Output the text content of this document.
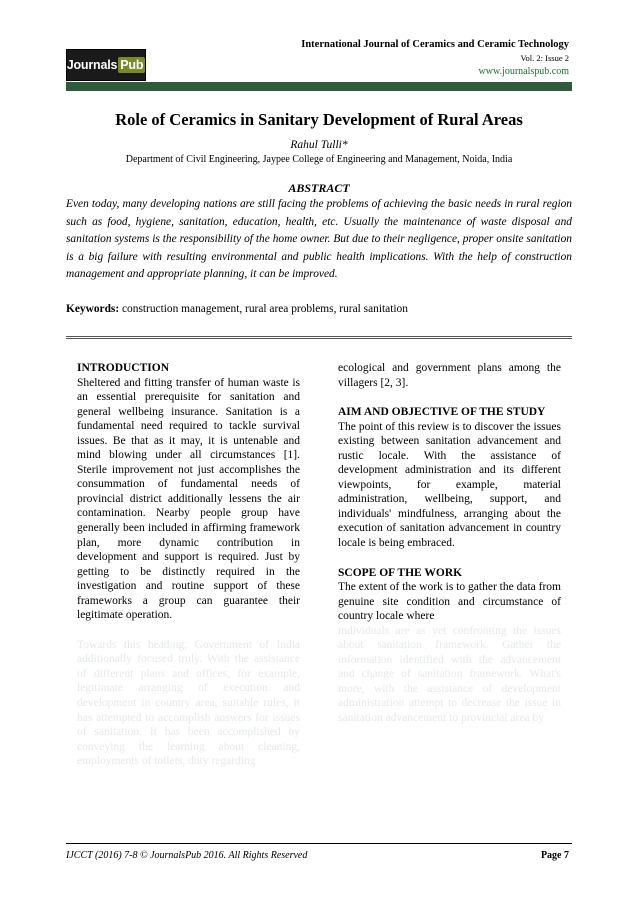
Journals Pub
International Journal of Ceramics and Ceramic Technology
Vol. 2: Issue 2
www.journalspub.com
Role of Ceramics in Sanitary Development of Rural Areas
Rahul Tulli*
Department of Civil Engineering, Jaypee College of Engineering and Management, Noida, India
ABSTRACT
Even today, many developing nations are still facing the problems of achieving the basic needs in rural region such as food, hygiene, sanitation, education, health, etc. Usually the maintenance of waste disposal and sanitation systems is the responsibility of the home owner. But due to their negligence, proper onsite sanitation is a big failure with resulting environmental and public health implications. With the help of construction management and appropriate planning, it can be improved.
Keywords: construction management, rural area problems, rural sanitation

INTRODUCTION

Sheltered and fitting transfer of human waste is an essential prerequisite for sanitation and general wellbeing insurance. Sanitation is a fundamental need required to tackle survival issues. Be that as it may, it is untenable and mind blowing under all circumstances [1]. Sterile improvement not just accomplishes the consummation of fundamental needs of provincial district additionally lessens the air contamination. Nearby people group have generally been included in affirming framework plan, more dynamic contribution in development and support is required. Just by getting to be distinctly required in the investigation and routine support of these frameworks a group can guarantee their legitimate operation.

Towards this heading, Government of India additionally focused truly. With the assistance of different plans and offices, for example, legitimate arranging of execution and development in country area, suitable rules, it has attempted to accomplish answers for issues of sanitation. It has been accomplished by conveying the learning about cleaning, employments of toilets, duty regarding

ecological and government plans among the villagers [2, 3].

AIM AND OBJECTIVE OF THE STUDY

The point of this review is to discover the issues existing between sanitation advancement and rustic locale. With the assistance of development administration and its different viewpoints, for example, material administration, wellbeing, support, and individuals' mindfulness, arranging about the execution of sanitation advancement in country locale is being embraced.

SCOPE OF THE WORK

The extent of the work is to gather the data from genuine site condition and circumstance of country locale where

individuals are as yet confronting the issues about sanitation framework. Gather the information identified with the advancement and change of sanitation framework. What's more, with the assistance of development administration attempt to decrease the issue in sanitation advancement to provincial area by

IJCCT (2016) 7-8 © JournalsPub 2016. All Rights Reserved	Page 7
